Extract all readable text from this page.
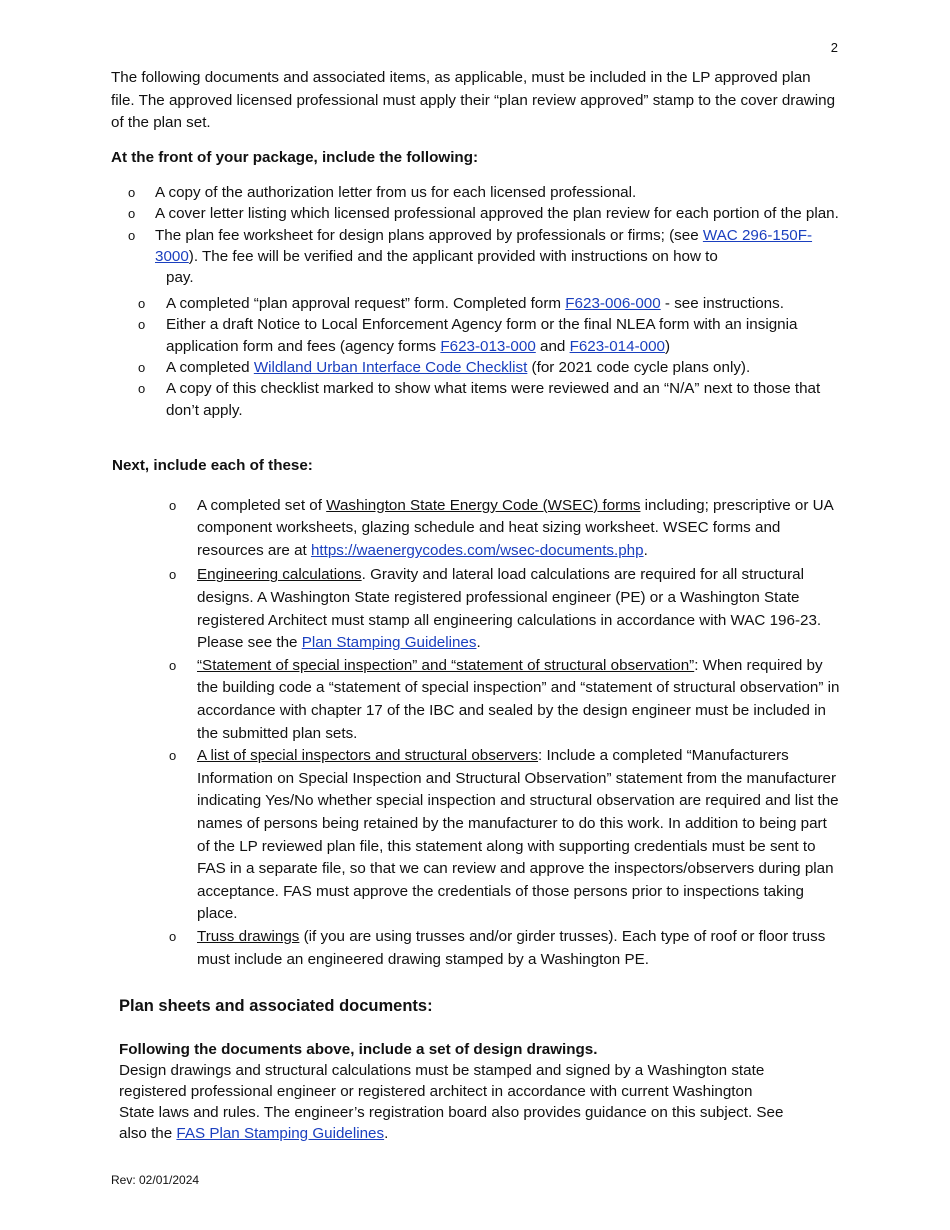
2

The following documents and associated items, as applicable, must be included in the LP approved plan file. The approved licensed professional must apply their “plan review approved” stamp to the cover drawing of the plan set.

At the front of your package, include the following:

o A copy of the authorization letter from us for each licensed professional.
o A cover letter listing which licensed professional approved the plan review for each portion of the plan.
o The plan fee worksheet for design plans approved by professionals or firms; (see WAC 296-150F-3000). The fee will be verified and the applicant provided with instructions on how to
pay.
o A completed “plan approval request” form. Completed form F623-006-000 - see instructions.
o Either a draft Notice to Local Enforcement Agency form or the final NLEA form with an insignia application form and fees (agency forms F623-013-000 and F623-014-000)
o A completed Wildland Urban Interface Code Checklist (for 2021 code cycle plans only).
o A copy of this checklist marked to show what items were reviewed and an “N/A” next to those that don’t apply.

Next, include each of these:

o A completed set of Washington State Energy Code (WSEC) forms including; prescriptive or UA component worksheets, glazing schedule and heat sizing worksheet. WSEC forms and resources are at https://waenergycodes.com/wsec-documents.php.
o Engineering calculations. Gravity and lateral load calculations are required for all structural designs. A Washington State registered professional engineer (PE) or a Washington State registered Architect must stamp all engineering calculations in accordance with WAC 196-23. Please see the Plan Stamping Guidelines.
o “Statement of special inspection” and “statement of structural observation”: When required by the building code a “statement of special inspection” and “statement of structural observation” in accordance with chapter 17 of the IBC and sealed by the design engineer must be included in the submitted plan sets.
o A list of special inspectors and structural observers: Include a completed “Manufacturers Information on Special Inspection and Structural Observation” statement from the manufacturer indicating Yes/No whether special inspection and structural observation are required and list the names of persons being retained by the manufacturer to do this work. In addition to being part of the LP reviewed plan file, this statement along with supporting credentials must be sent to FAS in a separate file, so that we can review and approve the inspectors/observers during plan acceptance. FAS must approve the credentials of those persons prior to inspections taking place.
o Truss drawings (if you are using trusses and/or girder trusses). Each type of roof or floor truss must include an engineered drawing stamped by a Washington PE.

Plan sheets and associated documents:

Following the documents above, include a set of design drawings.

Design drawings and structural calculations must be stamped and signed by a Washington state registered professional engineer or registered architect in accordance with current Washington State laws and rules. The engineer’s registration board also provides guidance on this subject. See also the FAS Plan Stamping Guidelines.

Rev: 02/01/2024
